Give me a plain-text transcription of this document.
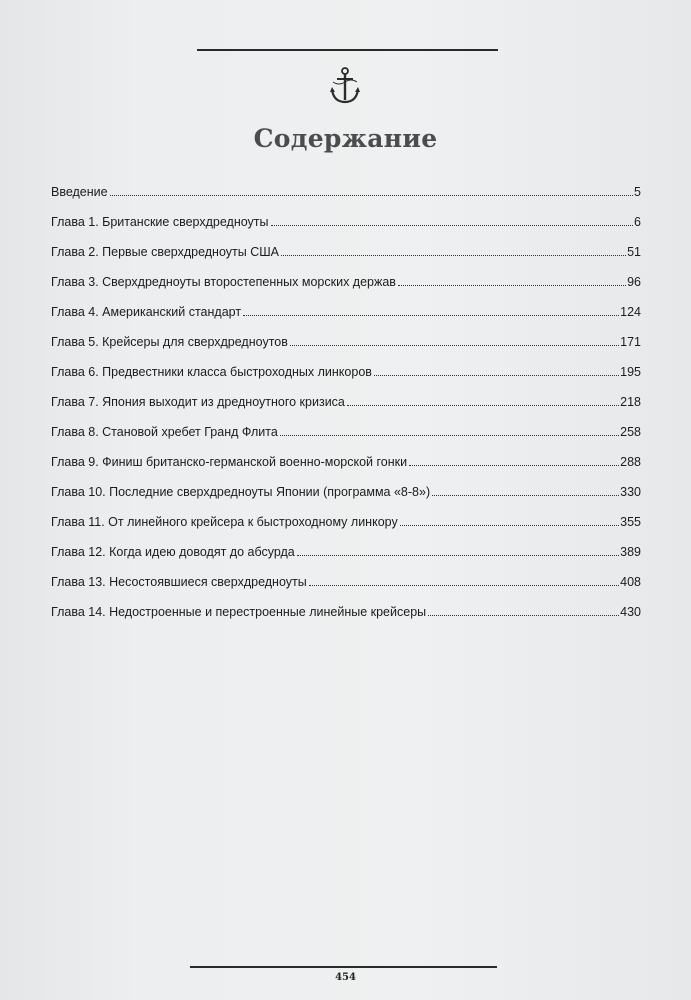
Содержание
Введение	5
Глава 1. Британские сверхдредноуты	6
Глава 2. Первые сверхдредноуты США	51
Глава 3. Сверхдредноуты второстепенных морских держав	96
Глава 4. Американский стандарт	124
Глава 5. Крейсеры для сверхдредноутов	171
Глава 6. Предвестники класса быстроходных линкоров	195
Глава 7. Япония выходит из дредноутного кризиса	218
Глава 8. Становой хребет Гранд Флита	258
Глава 9. Финиш британско-германской военно-морской гонки	288
Глава 10. Последние сверхдредноуты Японии (программа «8-8»)	330
Глава 11. От линейного крейсера к быстроходному линкору	355
Глава 12. Когда идею доводят до абсурда	389
Глава 13. Несостоявшиеся сверхдредноуты	408
Глава 14. Недостроенные и перестроенные линейные крейсеры	430
454
